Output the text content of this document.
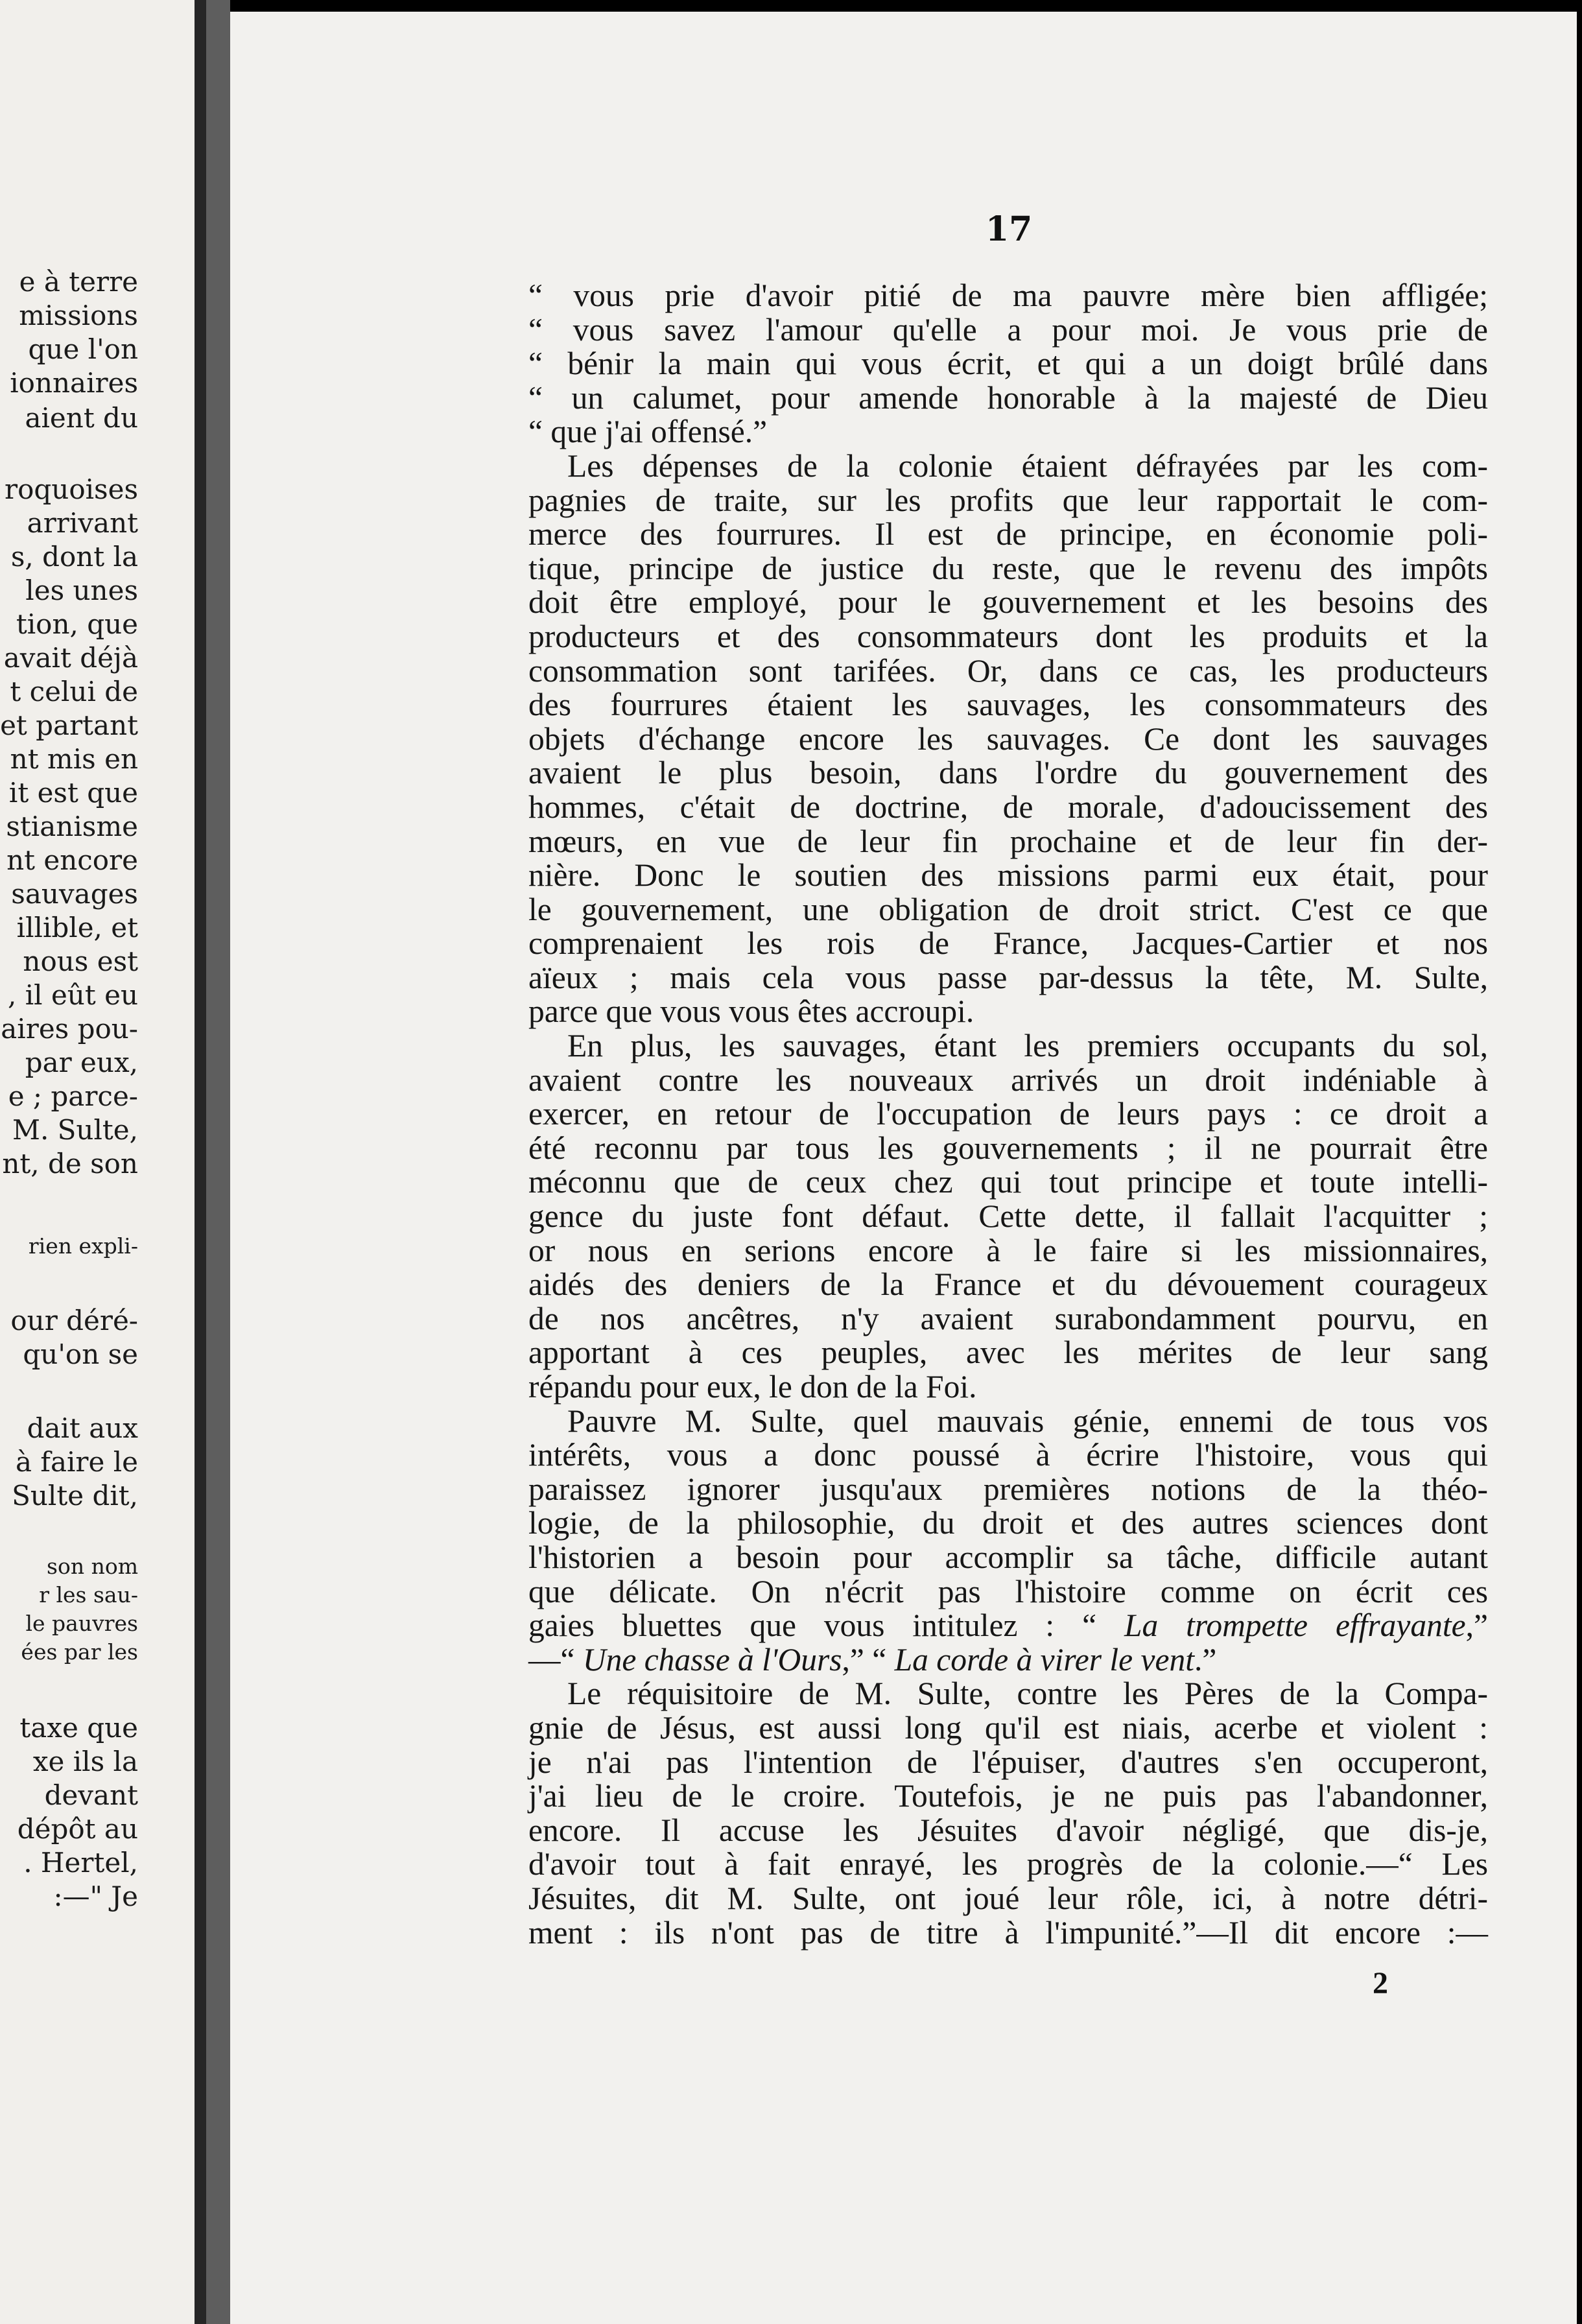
e à terre
missions
que l'on
ionnaires
aient du
roquoises
arrivant
s, dont la
les unes
tion, que
avait déjà
t celui de
et partant
nt mis en
it est que
stianisme
nt encore
sauvages
illible, et
nous est
, il eût eu
aires pou-
par eux,
e ; parce-
M. Sulte,
nt, de son
rien expli-
our déré-
qu'on se
dait aux
à faire le
Sulte dit,
son nom
r les sau-
le pauvres
ées par les
taxe que
xe ils la
devant
dépôt au
. Hertel,
:—" Je
17
“ vous prie d'avoir pitié de ma pauvre mère bien affligée;
“ vous savez l'amour qu'elle a pour moi. Je vous prie de
“ bénir la main qui vous écrit, et qui a un doigt brûlé dans
“ un calumet, pour amende honorable à la majesté de Dieu
“ que j'ai offensé.”
Les dépenses de la colonie étaient défrayées par les com-
pagnies de traite, sur les profits que leur rapportait le com-
merce des fourrures. Il est de principe, en économie poli-
tique, principe de justice du reste, que le revenu des impôts
doit être employé, pour le gouvernement et les besoins des
producteurs et des consommateurs dont les produits et la
consommation sont tarifées. Or, dans ce cas, les producteurs
des fourrures étaient les sauvages, les consommateurs des
objets d'échange encore les sauvages. Ce dont les sauvages
avaient le plus besoin, dans l'ordre du gouvernement des
hommes, c'était de doctrine, de morale, d'adoucissement des
mœurs, en vue de leur fin prochaine et de leur fin der-
nière. Donc le soutien des missions parmi eux était, pour
le gouvernement, une obligation de droit strict. C'est ce que
comprenaient les rois de France, Jacques-Cartier et nos
aïeux ; mais cela vous passe par-dessus la tête, M. Sulte,
parce que vous vous êtes accroupi.
En plus, les sauvages, étant les premiers occupants du sol,
avaient contre les nouveaux arrivés un droit indéniable à
exercer, en retour de l'occupation de leurs pays : ce droit a
été reconnu par tous les gouvernements ; il ne pourrait être
méconnu que de ceux chez qui tout principe et toute intelli-
gence du juste font défaut. Cette dette, il fallait l'acquitter ;
or nous en serions encore à le faire si les missionnaires,
aidés des deniers de la France et du dévouement courageux
de nos ancêtres, n'y avaient surabondamment pourvu, en
apportant à ces peuples, avec les mérites de leur sang
répandu pour eux, le don de la Foi.
Pauvre M. Sulte, quel mauvais génie, ennemi de tous vos
intérêts, vous a donc poussé à écrire l'histoire, vous qui
paraissez ignorer jusqu'aux premières notions de la théo-
logie, de la philosophie, du droit et des autres sciences dont
l'historien a besoin pour accomplir sa tâche, difficile autant
que délicate. On n'écrit pas l'histoire comme on écrit ces
gaies bluettes que vous intitulez : “ La trompette effrayante,”
—“ Une chasse à l'Ours,” “ La corde à virer le vent.”
Le réquisitoire de M. Sulte, contre les Pères de la Compa-
gnie de Jésus, est aussi long qu'il est niais, acerbe et violent :
je n'ai pas l'intention de l'épuiser, d'autres s'en occuperont,
j'ai lieu de le croire. Toutefois, je ne puis pas l'abandonner,
encore. Il accuse les Jésuites d'avoir négligé, que dis-je,
d'avoir tout à fait enrayé, les progrès de la colonie.—“ Les
Jésuites, dit M. Sulte, ont joué leur rôle, ici, à notre détri-
ment : ils n'ont pas de titre à l'impunité.”—Il dit encore :—
2
